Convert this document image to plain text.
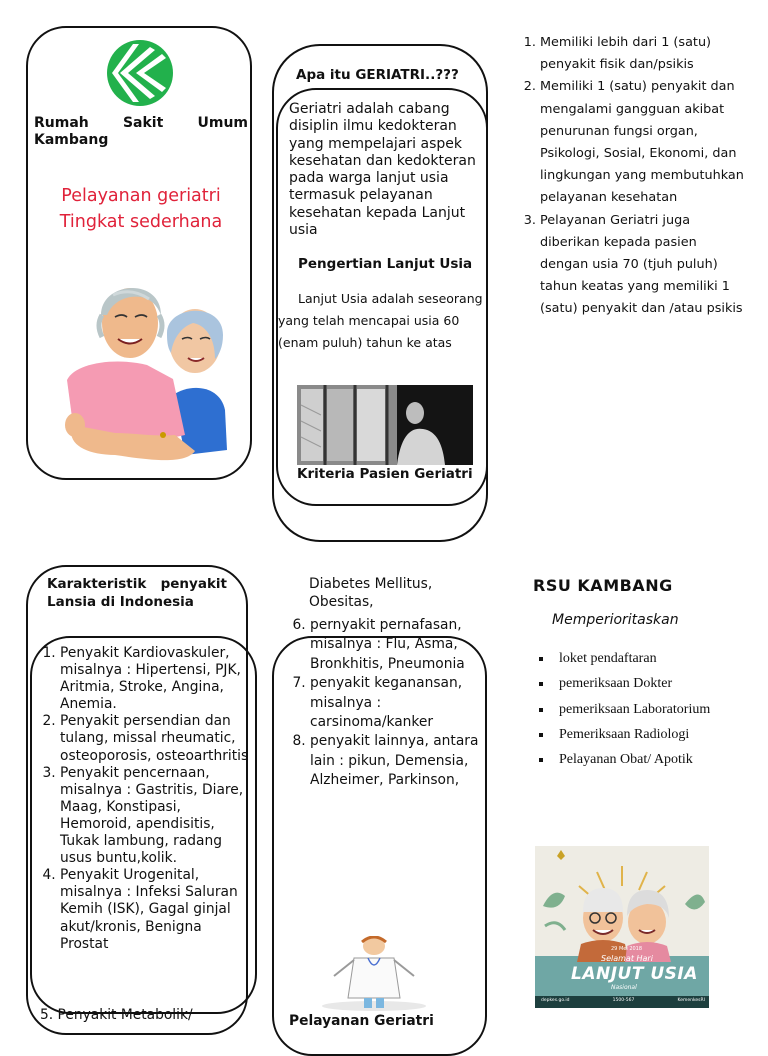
Rumah Sakit Umum Kambang
Pelayanan geriatri
Tingkat sederhana
Apa itu GERIATRI..???
Geriatri adalah cabang disiplin ilmu kedokteran yang mempelajari aspek kesehatan dan kedokteran pada warga lanjut usia termasuk pelayanan kesehatan kepada Lanjut usia
Pengertian Lanjut Usia
Lanjut Usia adalah seseorang yang telah mencapai usia 60 (enam puluh) tahun ke atas
Kriteria Pasien Geriatri
1. Memiliki lebih dari 1 (satu) penyakit fisik dan/psikis
2. Memiliki 1 (satu) penyakit dan mengalami gangguan akibat penurunan fungsi organ, Psikologi, Sosial, Ekonomi, dan lingkungan yang membutuhkan pelayanan kesehatan
3. Pelayanan Geriatri juga diberikan kepada pasien dengan usia 70 (tjuh puluh) tahun keatas yang memiliki 1 (satu) penyakit dan /atau psikis
Karakteristik penyakit Lansia di Indonesia
1. Penyakit Kardiovaskuler, misalnya : Hipertensi, PJK, Aritmia, Stroke, Angina, Anemia.
2. Penyakit persendian dan tulang, missal rheumatic, osteoporosis, osteoarthritis
3. Penyakit pencernaan, misalnya : Gastritis, Diare, Maag, Konstipasi, Hemoroid, apendisitis, Tukak lambung, radang usus buntu,kolik.
4. Penyakit Urogenital, misalnya : Infeksi Saluran Kemih (ISK), Gagal ginjal akut/kronis, Benigna Prostat
5. Penyakit Metabolik/
Diabetes Mellitus, Obesitas,
6. pernyakit pernafasan, misalnya : Flu, Asma, Bronkhitis, Pneumonia
7. penyakit keganansan, misalnya : carsinoma/kanker
8. penyakit lainnya, antara lain : pikun, Demensia, Alzheimer, Parkinson,
Pelayanan Geriatri
RSU KAMBANG
Memperioritaskan
▪ loket pendaftaran
▪ pemeriksaan Dokter
▪ pemeriksaan Laboratorium
▪ Pemeriksaan Radiologi
▪ Pelayanan Obat/ Apotik
29 Mei 2018
Selamat Hari
LANJUT USIA
Nasional
depkes.go.id	1500-567	KemenkesRI
